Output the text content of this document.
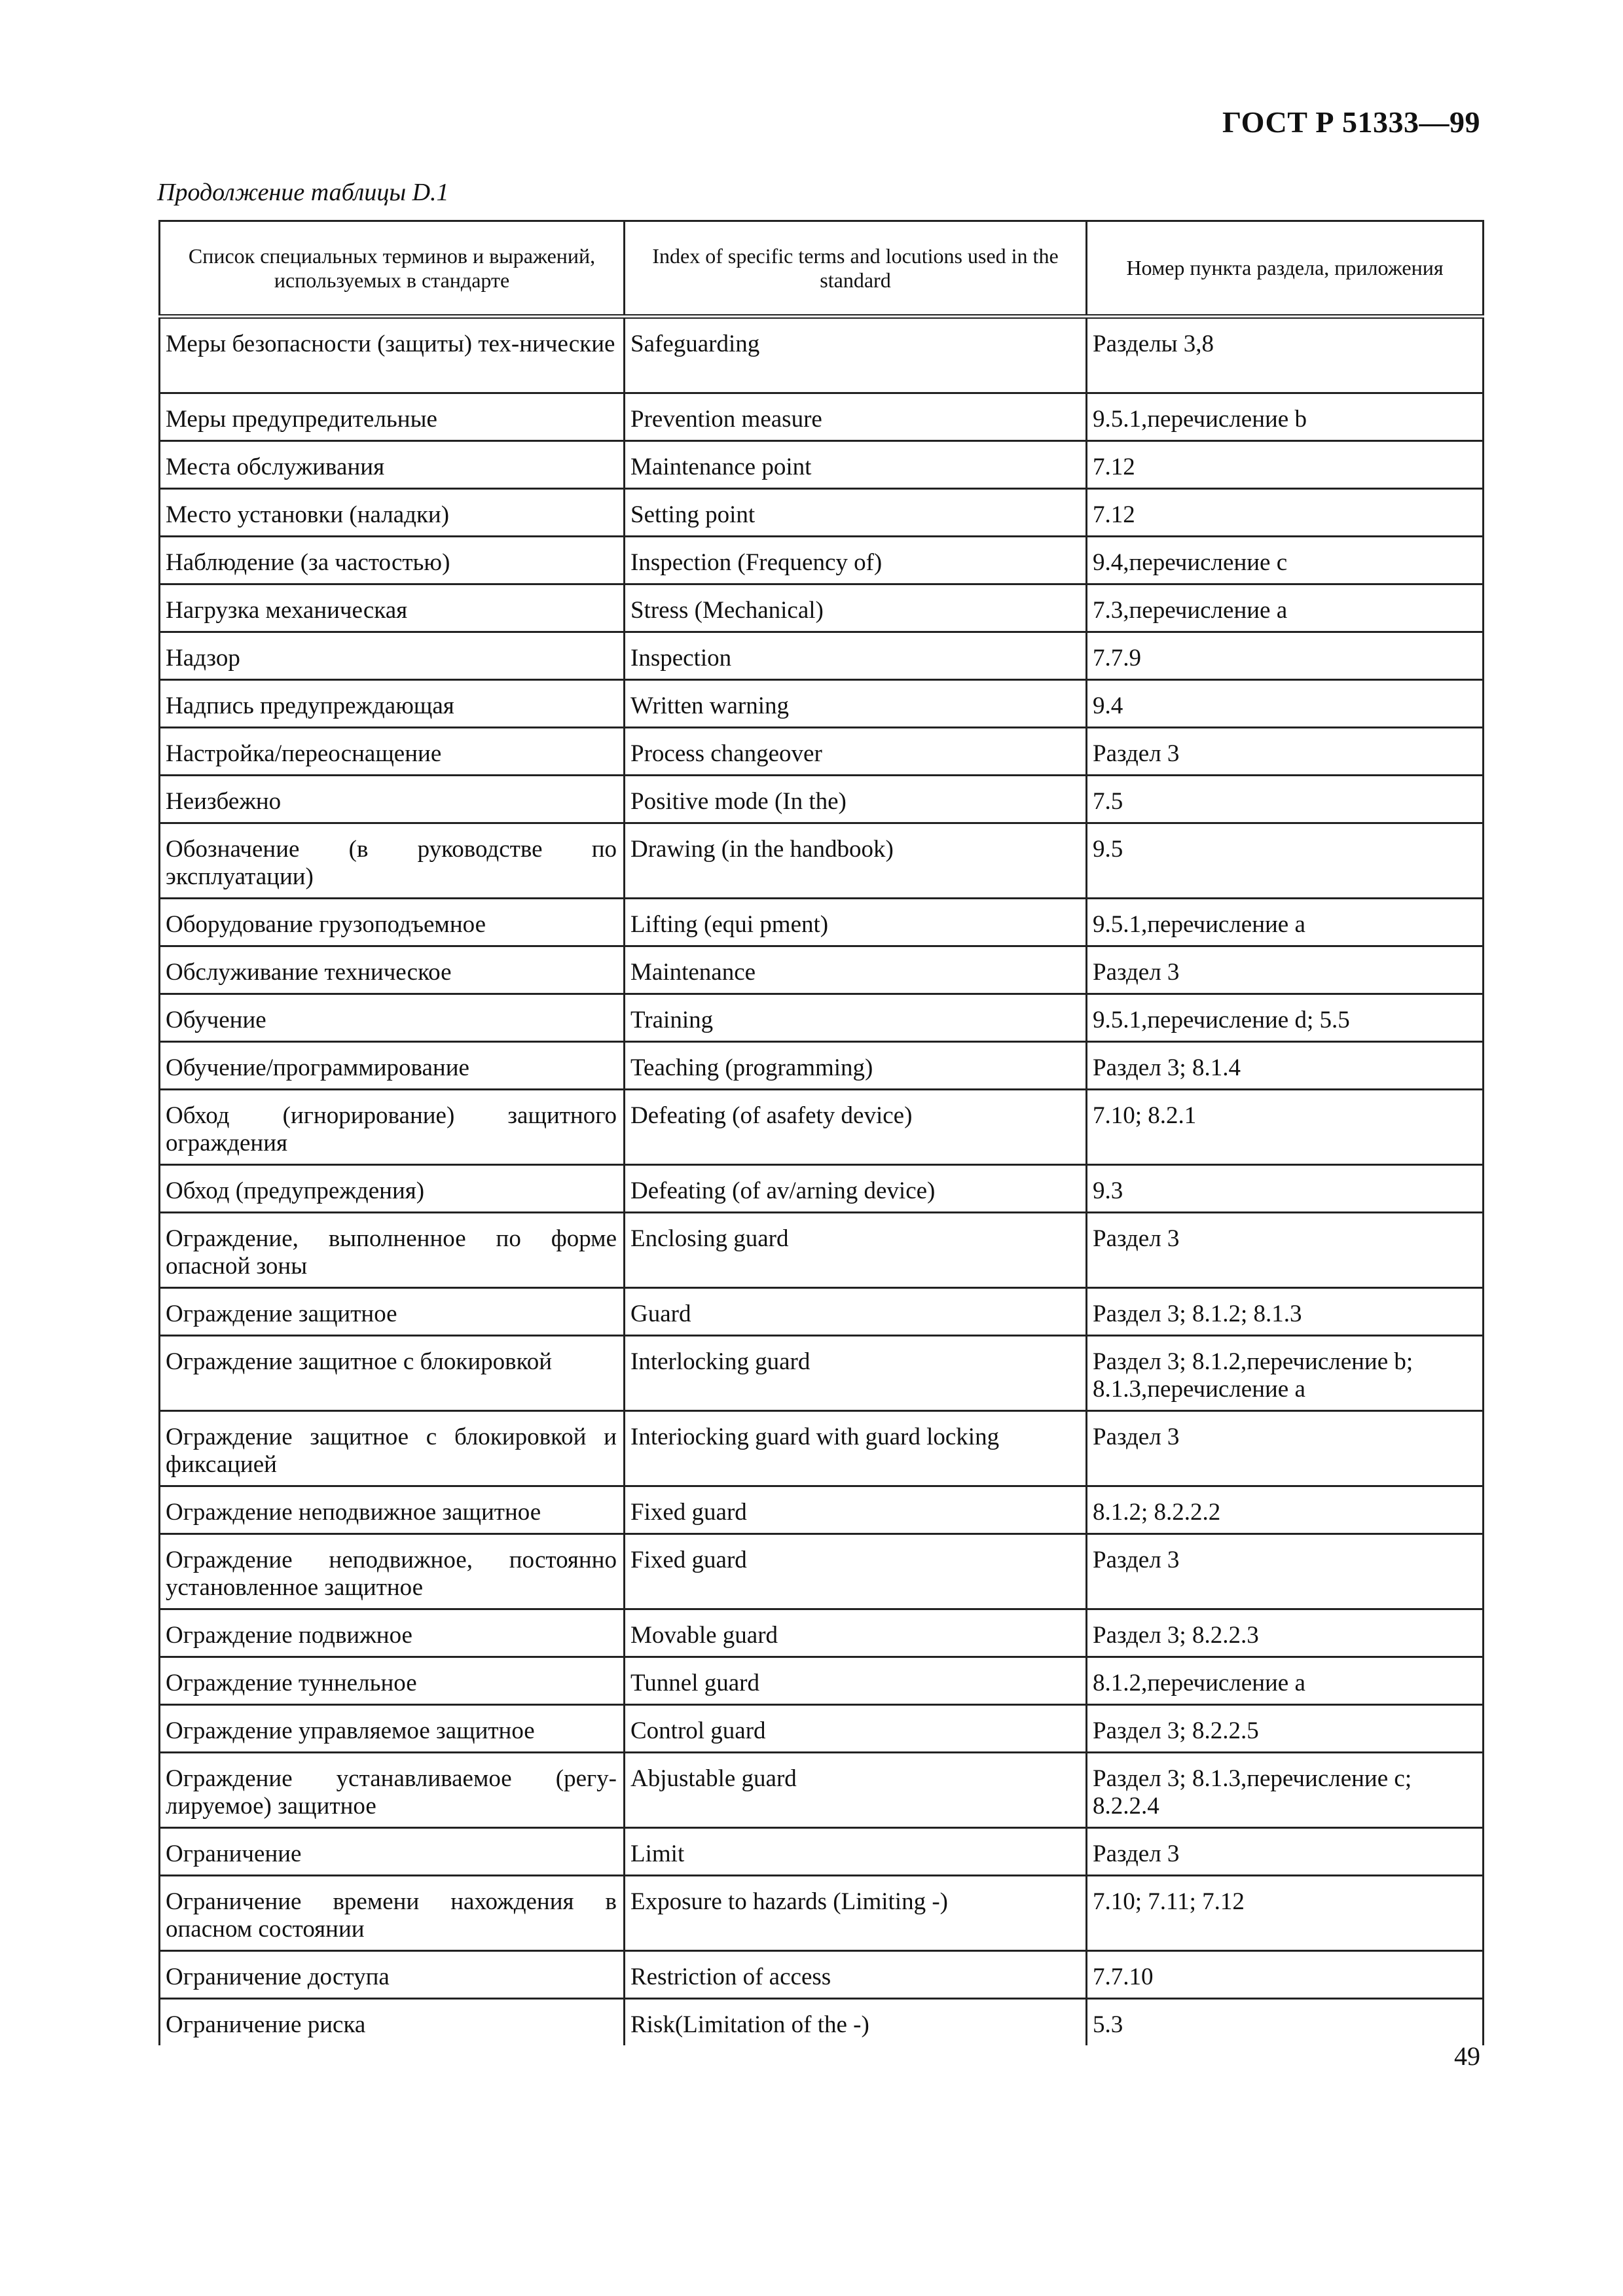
ГОСТ Р 51333—99
Продолжение таблицы D.1
Список специальных терминов и выражений, используемых в стандарте	Index of specific terms and locutions used in the standard	Номер пункта раздела, приложения
Меры безопасности (защиты) тех-нические	Safeguarding	Разделы 3,8
Меры предупредительные	Prevention measure	9.5.1,перечисление b
Места обслуживания	Maintenance point	7.12
Место установки (наладки)	Setting point	7.12
Наблюдение (за частостью)	Inspection (Frequency of)	9.4,перечисление c
Нагрузка механическая	Stress (Mechanical)	7.3,перечисление а
Надзор	Inspection	7.7.9
Надпись предупреждающая	Written warning	9.4
Настройка/переоснащение	Process changeover	Раздел 3
Неизбежно	Positive mode (In the)	7.5
Обозначение (в руководстве по эксплуатации)	Drawing (in the handbook)	9.5
Оборудование грузоподъемное	Lifting (equi pment)	9.5.1,перечисление a
Обслуживание техническое	Maintenance	Раздел 3
Обучение	Training	9.5.1,перечисление d; 5.5
Обучение/программирование	Teaching (programming)	Раздел 3; 8.1.4
Обход (игнорирование) защитного ограждения	Defeating (of asafety device)	7.10; 8.2.1
Обход (предупреждения)	Defeating (of av/arning device)	9.3
Ограждение, выполненное по форме опасной зоны	Enclosing guard	Раздел 3
Ограждение защитное	Guard	Раздел 3; 8.1.2; 8.1.3
Ограждение защитное с блокировкой	Interlocking guard	Раздел 3; 8.1.2,перечисление b; 8.1.3,перечисление a
Ограждение защитное с блокировкой и фиксацией	Interiocking guard with guard locking	Раздел 3
Ограждение неподвижное защитное	Fixed guard	8.1.2; 8.2.2.2
Ограждение неподвижное, постоянно установленное защитное	Fixed guard	Раздел 3
Ограждение подвижное	Movable guard	Раздел 3; 8.2.2.3
Ограждение туннельное	Tunnel guard	8.1.2,перечисление a
Ограждение управляемое защитное	Control guard	Раздел 3; 8.2.2.5
Ограждение устанавливаемое (регу-лируемое) защитное	Abjustable guard	Раздел 3; 8.1.3,перечисление c; 8.2.2.4
Ограничение	Limit	Раздел 3
Ограничение времени нахождения в опасном состоянии	Exposure to hazards (Limiting -)	7.10; 7.11; 7.12
Ограничение доступа	Restriction of access	7.7.10
Ограничение риска	Risk(Limitation of the -)	5.3
49
